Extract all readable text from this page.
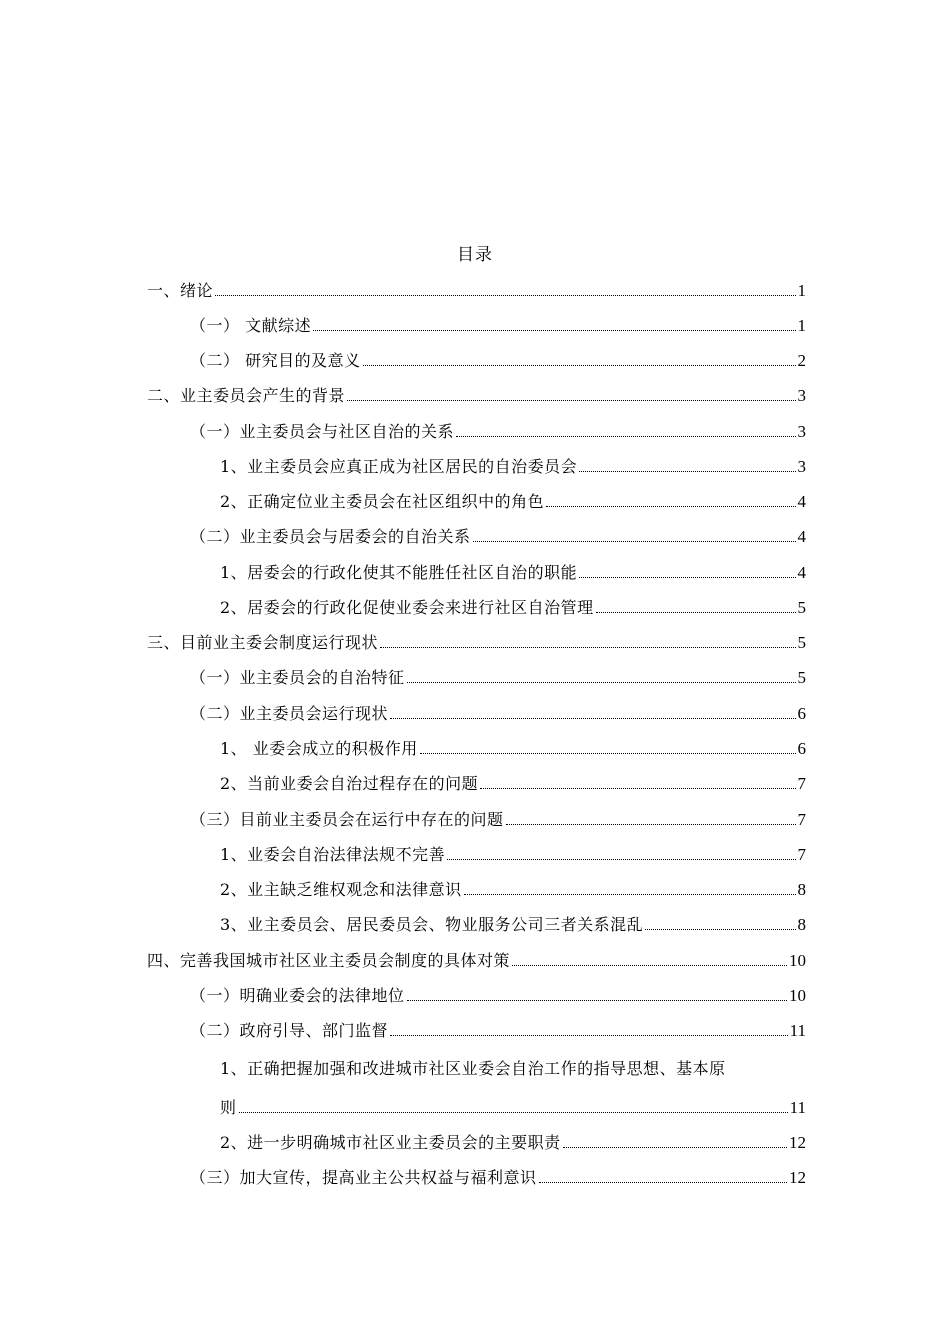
目录
一、绪论	1
（一） 文献综述	1
（二） 研究目的及意义	2
二、业主委员会产生的背景	3
（一）业主委员会与社区自治的关系	3
1、业主委员会应真正成为社区居民的自治委员会	3
2、正确定位业主委员会在社区组织中的角色	4
（二）业主委员会与居委会的自治关系	4
1、居委会的行政化使其不能胜任社区自治的职能	4
2、居委会的行政化促使业委会来进行社区自治管理	5
三、目前业主委会制度运行现状	5
（一）业主委员会的自治特征	5
（二）业主委员会运行现状	6
1、 业委会成立的积极作用	6
2、当前业委会自治过程存在的问题	7
（三）目前业主委员会在运行中存在的问题	7
1、业委会自治法律法规不完善	7
2、业主缺乏维权观念和法律意识	8
3、业主委员会、居民委员会、物业服务公司三者关系混乱	8
四、完善我国城市社区业主委员会制度的具体对策	10
（一）明确业委会的法律地位	10
（二）政府引导、部门监督	11
1、正确把握加强和改进城市社区业委会自治工作的指导思想、基本原
则	11
2、进一步明确城市社区业主委员会的主要职责	12
（三）加大宣传，提高业主公共权益与福利意识	12
